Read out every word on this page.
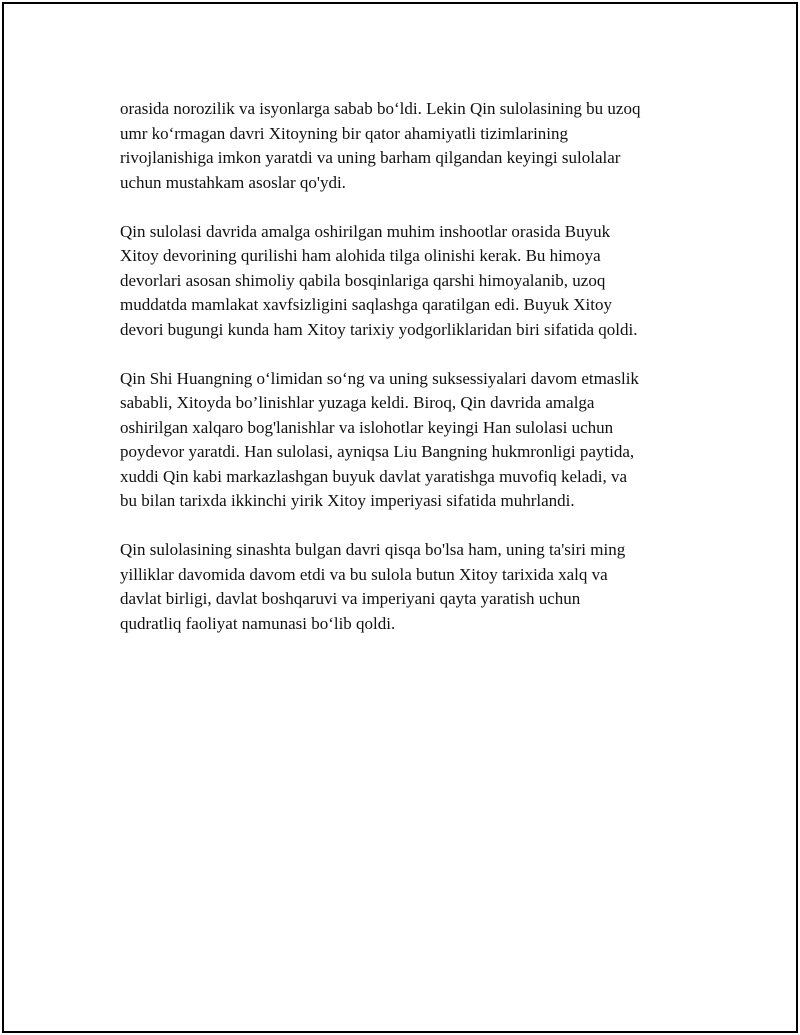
orasida norozilik va isyonlarga sabab bo‘ldi. Lekin Qin sulolasining bu uzoq
umr ko‘rmagan davri Xitoyning bir qator ahamiyatli tizimlarining
rivojlanishiga imkon yaratdi va uning barham qilgandan keyingi sulolalar
uchun mustahkam asoslar qo'ydi.

Qin sulolasi davrida amalga oshirilgan muhim inshootlar orasida Buyuk
Xitoy devorining qurilishi ham alohida tilga olinishi kerak. Bu himoya
devorlari asosan shimoliy qabila bosqinlariga qarshi himoyalanib, uzoq
muddatda mamlakat xavfsizligini saqlashga qaratilgan edi. Buyuk Xitoy
devori bugungi kunda ham Xitoy tarixiy yodgorliklaridan biri sifatida qoldi.

Qin Shi Huangning o‘limidan so‘ng va uning suksessiyalari davom etmaslik
sababli, Xitoyda bo’linishlar yuzaga keldi. Biroq, Qin davrida amalga
oshirilgan xalqaro bog'lanishlar va islohotlar keyingi Han sulolasi uchun
poydevor yaratdi. Han sulolasi, ayniqsa Liu Bangning hukmronligi paytida,
xuddi Qin kabi markazlashgan buyuk davlat yaratishga muvofiq keladi, va
bu bilan tarixda ikkinchi yirik Xitoy imperiyasi sifatida muhrlandi.

Qin sulolasining sinashta bulgan davri qisqa bo'lsa ham, uning ta'siri ming
yilliklar davomida davom etdi va bu sulola butun Xitoy tarixida xalq va
davlat birligi, davlat boshqaruvi va imperiyani qayta yaratish uchun
qudratliq faoliyat namunasi bo‘lib qoldi.
